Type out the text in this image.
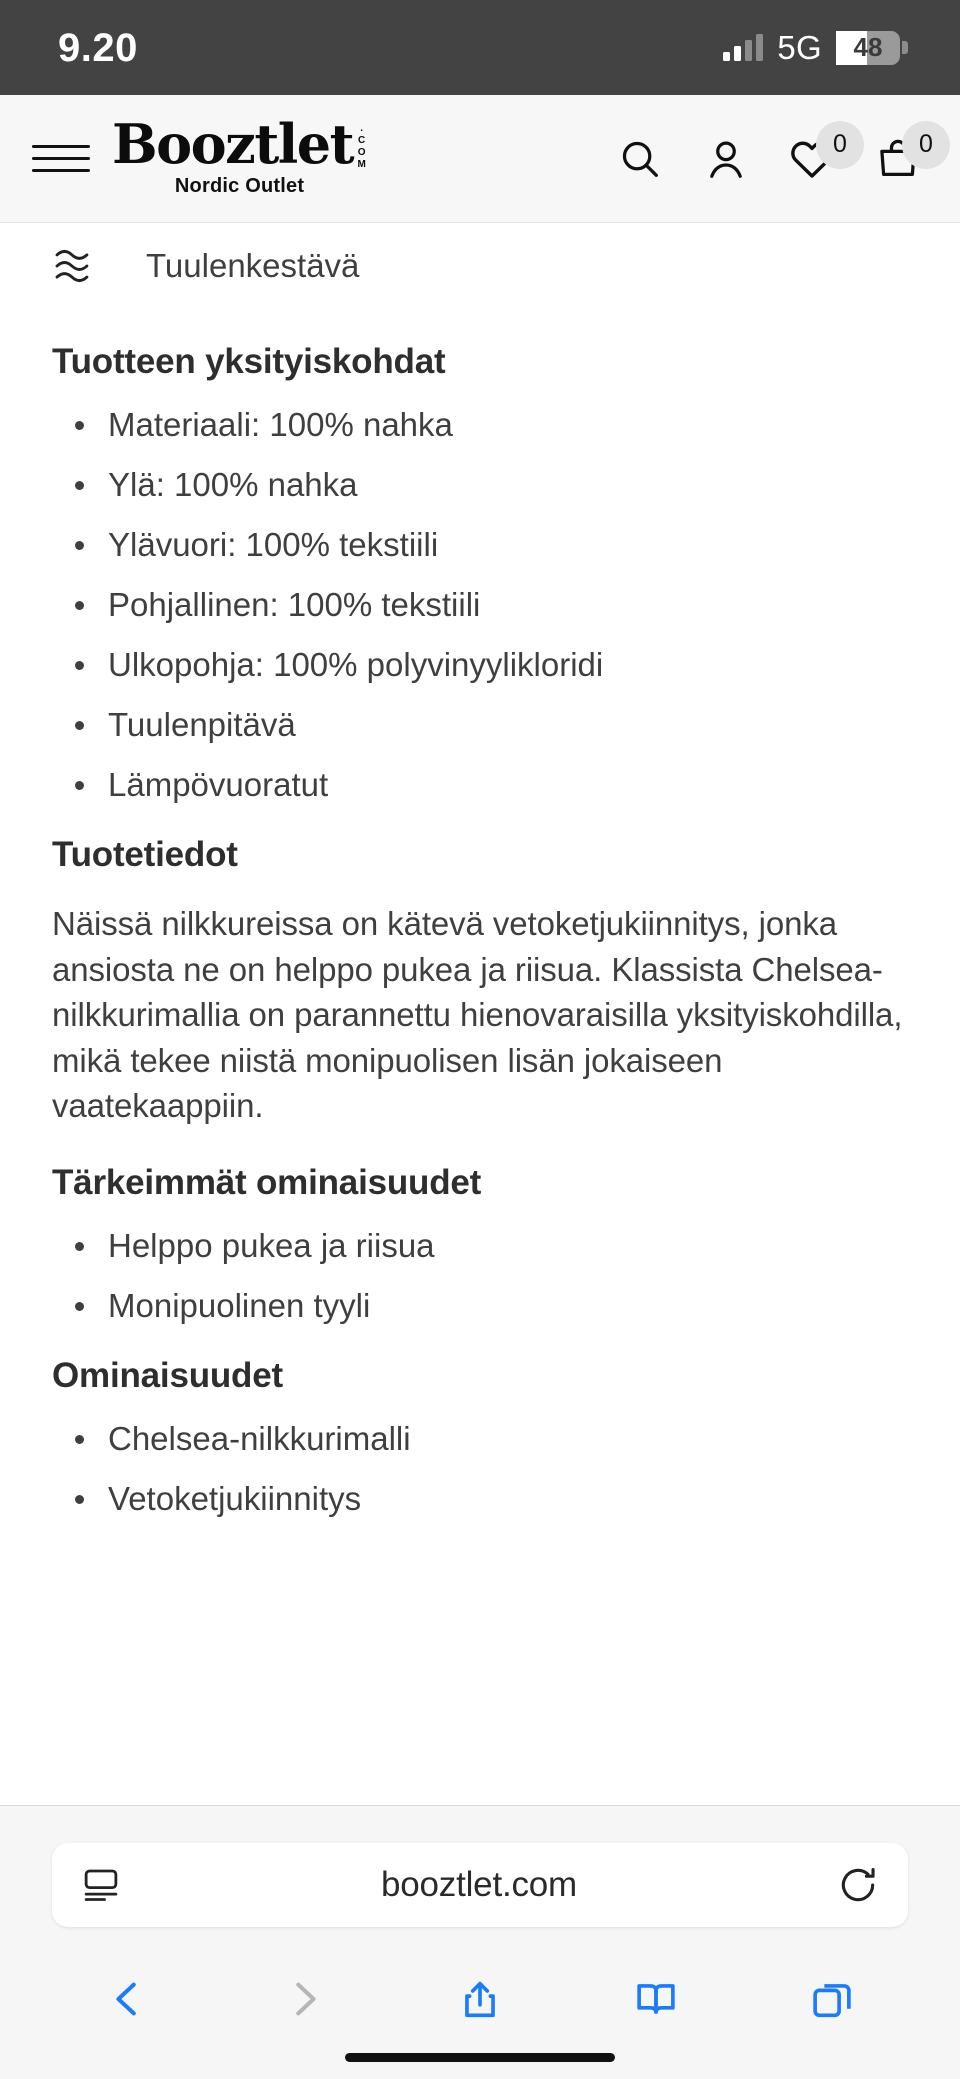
9.20	5G 48
Booztlet .COM
Nordic Outlet
0	0
Tuulenkestävä
Tuotteen yksityiskohdat
Materiaali: 100% nahka
Ylä: 100% nahka
Ylävuori: 100% tekstiili
Pohjallinen: 100% tekstiili
Ulkopohja: 100% polyvinyylikloridi
Tuulenpitävä
Lämpövuoratut
Tuotetiedot

Näissä nilkkureissa on kätevä vetoketjukiinnitys, jonka ansiosta ne on helppo pukea ja riisua. Klassista Chelsea-nilkkurimallia on parannettu hienovaraisilla yksityiskohdilla, mikä tekee niistä monipuolisen lisän jokaiseen vaatekaappiin.

Tärkeimmät ominaisuudet
Helppo pukea ja riisua
Monipuolinen tyyli
Ominaisuudet
Chelsea-nilkkurimalli
Vetoketjukiinnitys
booztlet.com
